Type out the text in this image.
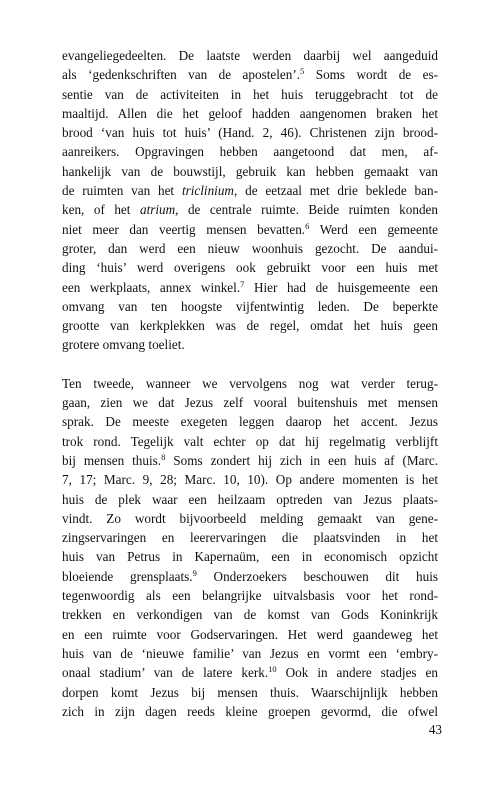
evangeliegedeelten. De laatste werden daarbij wel aangeduid
als ‘gedenkschriften van de apostelen’.$^5$ Soms wordt de es-
sentie van de activiteiten in het huis teruggebracht tot de
maaltijd. Allen die het geloof hadden aangenomen braken het
brood ‘van huis tot huis’ (Hand. 2, 46). Christenen zijn brood-
aanreikers. Opgravingen hebben aangetoond dat men, af-
hankelijk van de bouwstijl, gebruik kan hebben gemaakt van
de ruimten van het triclinium, de eetzaal met drie beklede ban-
ken, of het atrium, de centrale ruimte. Beide ruimten konden
niet meer dan veertig mensen bevatten.$^6$ Werd een gemeente
groter, dan werd een nieuw woonhuis gezocht. De aandui-
ding ‘huis’ werd overigens ook gebruikt voor een huis met
een werkplaats, annex winkel.$^7$ Hier had de huisgemeente een
omvang van ten hoogste vijfentwintig leden. De beperkte
grootte van kerkplekken was de regel, omdat het huis geen
grotere omvang toeliet.
Ten tweede, wanneer we vervolgens nog wat verder terug-
gaan, zien we dat Jezus zelf vooral buitenshuis met mensen
sprak. De meeste exegeten leggen daarop het accent. Jezus
trok rond. Tegelijk valt echter op dat hij regelmatig verblijft
bij mensen thuis.$^8$ Soms zondert hij zich in een huis af (Marc.
7, 17; Marc. 9, 28; Marc. 10, 10). Op andere momenten is het
huis de plek waar een heilzaam optreden van Jezus plaats-
vindt. Zo wordt bijvoorbeeld melding gemaakt van gene-
zingservaringen en leerervaringen die plaatsvinden in het
huis van Petrus in Kapernaüm, een in economisch opzicht
bloeiende grensplaats.$^9$ Onderzoekers beschouwen dit huis
tegenwoordig als een belangrijke uitvalsbasis voor het rond-
trekken en verkondigen van de komst van Gods Koninkrijk
en een ruimte voor Godservaringen. Het werd gaandeweg het
huis van de ‘nieuwe familie’ van Jezus en vormt een ‘embry-
onaal stadium’ van de latere kerk.$^{10}$ Ook in andere stadjes en
dorpen komt Jezus bij mensen thuis. Waarschijnlijk hebben
zich in zijn dagen reeds kleine groepen gevormd, die ofwel
43
